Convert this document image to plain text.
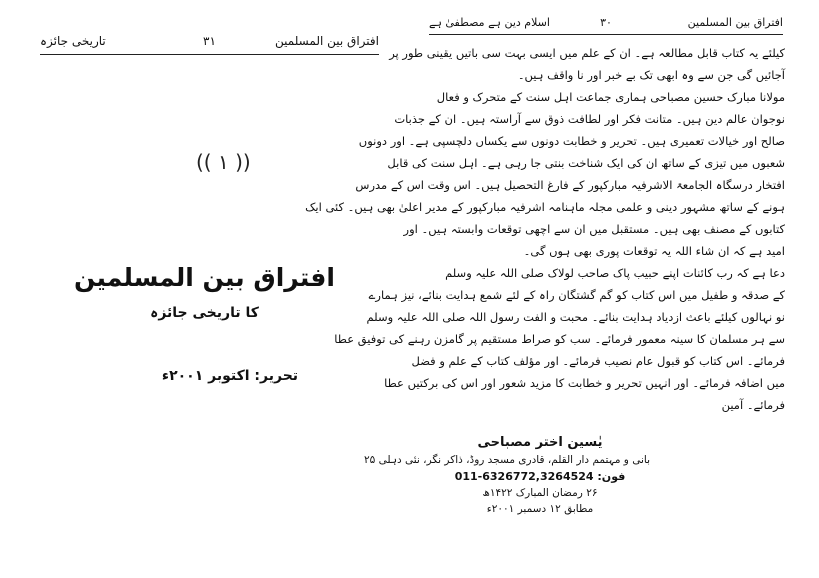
افتراق بین المسلمین
۳۱
تاریخی جائزہ
(( ۱ ))
افتراق بین المسلمین
کا تاریخی جائزہ
تحریر: اکتوبر ۲۰۰۱ء
افتراق بین المسلمین
۳۰
اسلام دین ہے مصطفیٰ ہے
کیلئے یہ کتاب قابل مطالعہ ہے۔ ان کے علم میں ایسی بہت سی باتیں یقینی طور پر
آجائیں گی جن سے وہ ابھی تک بے خبر اور نا واقف ہیں۔
مولانا مبارک حسین مصباحی ہماری جماعت اہل سنت کے متحرک و فعال
نوجوان عالم دین ہیں۔ متانت فکر اور لطافت ذوق سے آراستہ ہیں۔ ان کے جذبات
صالح اور خیالات تعمیری ہیں۔ تحریر و خطابت دونوں سے یکساں دلچسپی ہے۔ اور دونوں
شعبوں میں تیزی کے ساتھ ان کی ایک شناخت بنتی جا رہی ہے۔ اہل سنت کی قابل
افتخار درسگاہ الجامعۃ الاشرفیہ مبارکپور کے فارغ التحصیل ہیں۔ اس وقت اس کے مدرس
ہونے کے ساتھ مشہور دینی و علمی مجلہ ماہنامہ اشرفیہ مبارکپور کے مدیر اعلیٰ بھی ہیں۔ کئی ایک
کتابوں کے مصنف بھی ہیں۔ مستقبل میں ان سے اچھی توقعات وابستہ ہیں۔ اور
امید ہے کہ ان شاء اللہ یہ توقعات پوری بھی ہوں گی۔
دعا ہے کہ رب کائنات اپنے حبیب پاک صاحب لولاک صلی اللہ علیہ وسلم
کے صدقہ و طفیل میں اس کتاب کو گم گشتگان راہ کے لئے شمع ہدایت بنائے، نیز ہمارے
نو نہالوں کیلئے باعث ازدیاد ہدایت بنائے۔ محبت و الفت رسول اللہ صلی اللہ علیہ وسلم
سے ہر مسلمان کا سینہ معمور فرمائے۔ سب کو صراط مستقیم پر گامزن رہنے کی توفیق عطا
فرمائے۔ اس کتاب کو قبول عام نصیب فرمائے۔ اور مؤلف کتاب کے علم و فضل
میں اضافہ فرمائے۔ اور انہیں تحریر و خطابت کا مزید شعور اور اس کی برکتیں عطا
فرمائے۔ آمین
یٰسین اختر مصباحی
بانی و مہتمم دار القلم، قادری مسجد روڈ، ذاکر نگر، نئی دہلی ۲۵
فون: 011-6326772,3264524
۲۶ رمضان المبارک ۱۴۲۲ھ
مطابق ۱۲ دسمبر ۲۰۰۱ء
